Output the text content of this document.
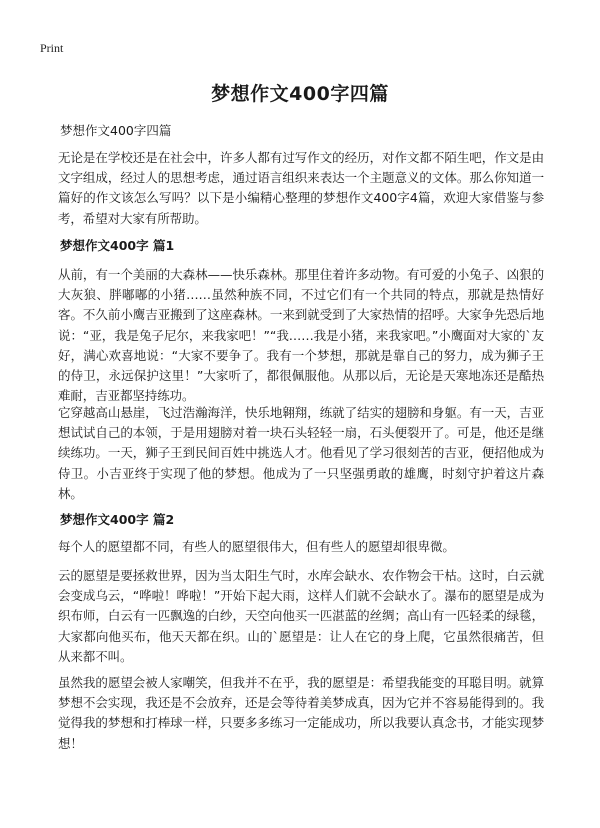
Print
梦想作文400字四篇

梦想作文400字四篇

无论是在学校还是在社会中，许多人都有过写作文的经历，对作文都不陌生吧，作文是由文字组成，经过人的思想考虑，通过语言组织来表达一个主题意义的文体。那么你知道一篇好的作文该怎么写吗？以下是小编精心整理的梦想作文400字4篇，欢迎大家借鉴与参考，希望对大家有所帮助。

梦想作文400字 篇1

从前，有一个美丽的大森林——快乐森林。那里住着许多动物。有可爱的小兔子、凶狠的大灰狼、胖嘟嘟的小猪……虽然种族不同，不过它们有一个共同的特点，那就是热情好客。不久前小鹰吉亚搬到了这座森林。一来到就受到了大家热情的招呼。大家争先恐后地说：“亚，我是兔子尼尔，来我家吧！”“我……我是小猪，来我家吧。”小鹰面对大家的`友好，满心欢喜地说：“大家不要争了。我有一个梦想，那就是靠自己的努力，成为狮子王的侍卫，永远保护这里！”大家听了，都很佩服他。从那以后，无论是天寒地冻还是酷热难耐，吉亚都坚持练功。

它穿越高山悬崖，飞过浩瀚海洋，快乐地翱翔，练就了结实的翅膀和身躯。有一天，吉亚想试试自己的本领，于是用翅膀对着一块石头轻轻一扇，石头便裂开了。可是，他还是继续练功。一天，狮子王到民间百姓中挑选人才。他看见了学习很刻苦的吉亚，便招他成为侍卫。小吉亚终于实现了他的梦想。他成为了一只坚强勇敢的雄鹰，时刻守护着这片森林。

梦想作文400字 篇2

每个人的愿望都不同，有些人的愿望很伟大，但有些人的愿望却很卑微。

云的愿望是要拯救世界，因为当太阳生气时，水库会缺水、农作物会干枯。这时，白云就会变成乌云，“哗啦！哗啦！”开始下起大雨，这样人们就不会缺水了。瀑布的愿望是成为织布师，白云有一匹飘逸的白纱，天空向他买一匹湛蓝的丝绸；高山有一匹轻柔的绿毯，大家都向他买布，他天天都在织。山的`愿望是：让人在它的身上爬，它虽然很痛苦，但从来都不叫。

虽然我的愿望会被人家嘲笑，但我并不在乎，我的愿望是：希望我能变的耳聪目明。就算梦想不会实现，我还是不会放弃，还是会等待着美梦成真，因为它并不容易能得到的。我觉得我的梦想和打棒球一样，只要多多练习一定能成功，所以我要认真念书，才能实现梦想！
